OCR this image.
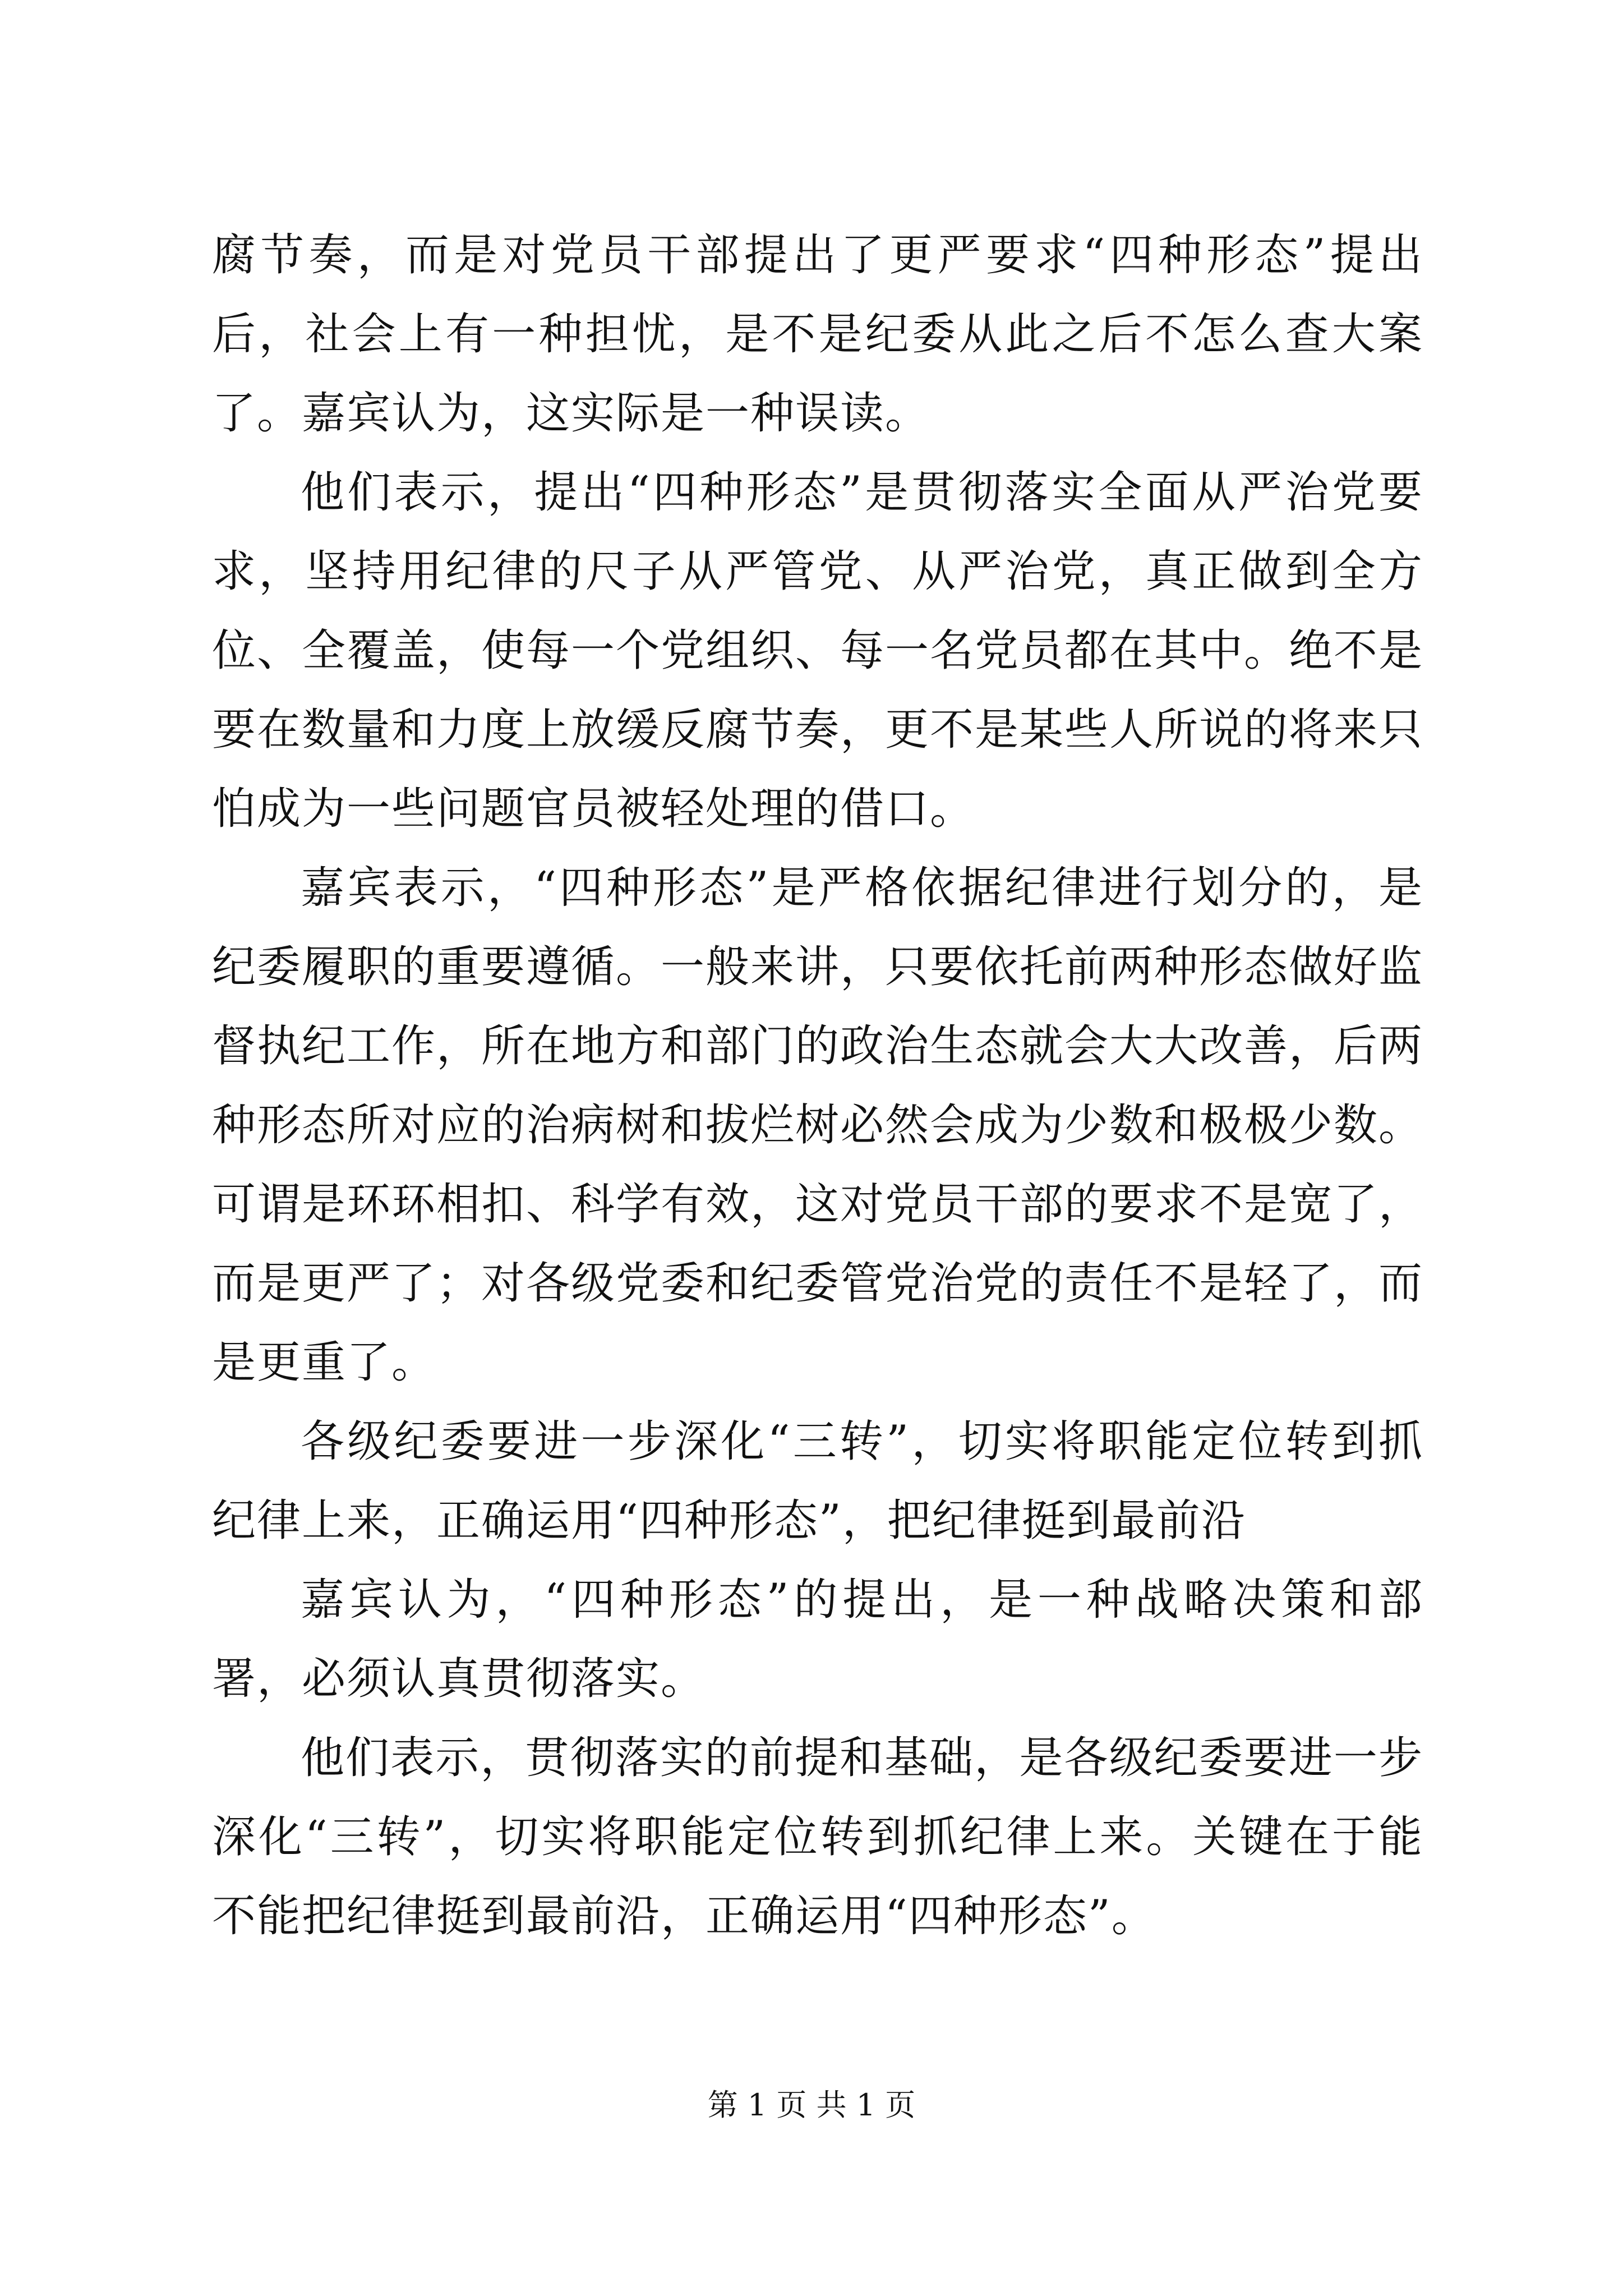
腐节奏，而是对党员干部提出了更严要求“四种形态”提出后，社会上有一种担忧，是不是纪委从此之后不怎么查大案了。嘉宾认为，这实际是一种误读。

他们表示，提出“四种形态”是贯彻落实全面从严治党要求，坚持用纪律的尺子从严管党、从严治党，真正做到全方位、全覆盖，使每一个党组织、每一名党员都在其中。绝不是要在数量和力度上放缓反腐节奏，更不是某些人所说的将来只怕成为一些问题官员被轻处理的借口。

嘉宾表示，“四种形态”是严格依据纪律进行划分的，是纪委履职的重要遵循。一般来讲，只要依托前两种形态做好监督执纪工作，所在地方和部门的政治生态就会大大改善，后两种形态所对应的治病树和拔烂树必然会成为少数和极极少数。可谓是环环相扣、科学有效，这对党员干部的要求不是宽了，而是更严了；对各级党委和纪委管党治党的责任不是轻了，而是更重了。

各级纪委要进一步深化“三转”，切实将职能定位转到抓纪律上来，正确运用“四种形态”，把纪律挺到最前沿

嘉宾认为，“四种形态”的提出，是一种战略决策和部署，必须认真贯彻落实。

他们表示，贯彻落实的前提和基础，是各级纪委要进一步深化“三转”，切实将职能定位转到抓纪律上来。关键在于能不能把纪律挺到最前沿，正确运用“四种形态”。

第 1 页 共 1 页
